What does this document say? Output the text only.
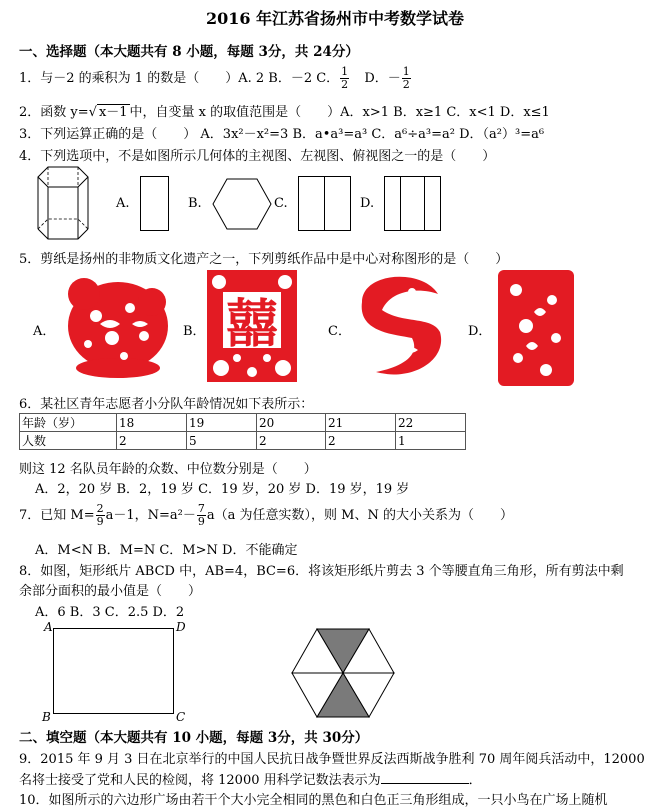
2016 年江苏省扬州市中考数学试卷
一、选择题（本大题共有 8 小题，每题 3分，共 24分）
1．与－2 的乘积为 1 的数是（　　）A. 2 B．－2 C． $\frac{1}{2}$ D．－ $\frac{1}{2}$
2．函数 y=√ x－1 中，自变量 x 的取值范围是（　　）A．x>1 B．x≥1 C．x<1 D．x≤1
3．下列运算正确的是（　　） A．3x²－x²=3 B．a•a³=a³ C．a⁶÷a³=a² D．（a²）³=a⁶
4．下列选项中，不是如图所示几何体的主视图、左视图、俯视图之一的是（　　）
A.	B.	C.	D.
5．剪纸是扬州的非物质文化遗产之一，下列剪纸作品中是中心对称图形的是（　　）
A．	B． 囍	C．	D．
6．某社区青年志愿者小分队年龄情况如下表所示：
年龄（岁）	18	19	20	21	22
人数	2	5	2	2	1
则这 12 名队员年龄的众数、中位数分别是（　　）
A．2，20 岁 B．2，19 岁 C．19 岁，20 岁 D．19 岁，19 岁
7．已知 $M= \frac{2}{9} a-1$，$N=a^2- \frac{7}{9} a(a$ 为任意实数），则 M、N 的大小关系为（　　）
A．M<N B．M=N C．M>N D．不能确定
8．如图，矩形纸片 ABCD 中，AB=4，BC=6．将该矩形纸片剪去 3 个等腰直角三角形，所有剪法中剩
余部分面积的最小值是（　　）
A．6 B．3 C．2.5 D．2
A	D
B	C
二、填空题（本大题共有 10 小题，每题 3分，共 30分）
9．2015 年 9 月 3 日在北京举行的中国人民抗日战争暨世界反法西斯战争胜利 70 周年阅兵活动中，12000
名将士接受了党和人民的检阅，将 12000 用科学记数法表示为	．
10．如图所示的六边形广场由若干个大小完全相同的黑色和白色正三角形组成，一只小鸟在广场上随机
